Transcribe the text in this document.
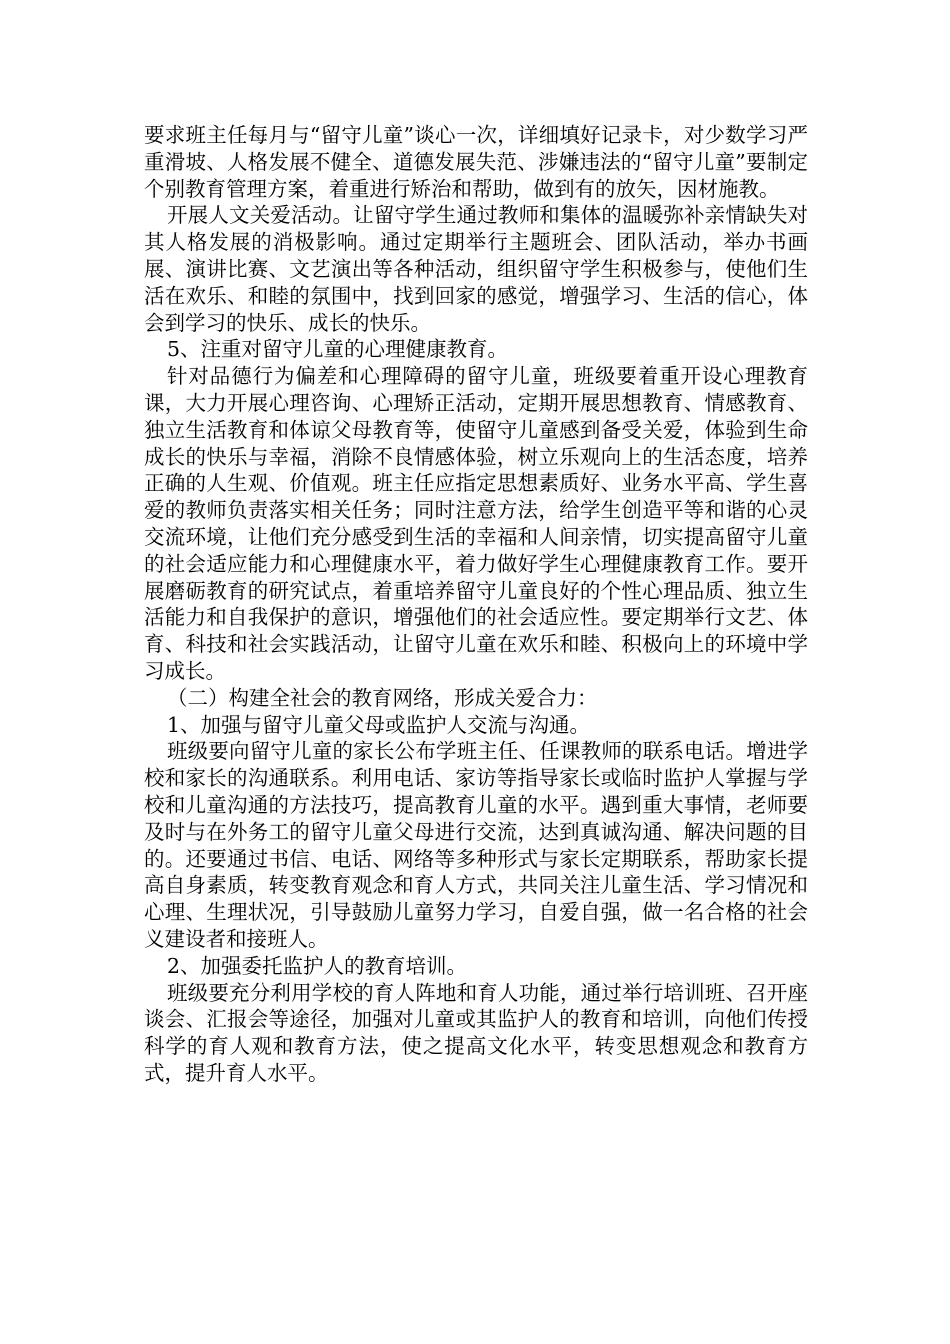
要求班主任每月与“留守儿童”谈心一次，详细填好记录卡，对少数学习严重滑坡、人格发展不健全、道德发展失范、涉嫌违法的“留守儿童”要制定个别教育管理方案，着重进行矫治和帮助，做到有的放矢，因材施教。

开展人文关爱活动。让留守学生通过教师和集体的温暖弥补亲情缺失对其人格发展的消极影响。通过定期举行主题班会、团队活动，举办书画展、演讲比赛、文艺演出等各种活动，组织留守学生积极参与，使他们生活在欢乐、和睦的氛围中，找到回家的感觉，增强学习、生活的信心，体会到学习的快乐、成长的快乐。

5、注重对留守儿童的心理健康教育。

针对品德行为偏差和心理障碍的留守儿童，班级要着重开设心理教育课，大力开展心理咨询、心理矫正活动，定期开展思想教育、情感教育、独立生活教育和体谅父母教育等，使留守儿童感到备受关爱，体验到生命成长的快乐与幸福，消除不良情感体验，树立乐观向上的生活态度，培养正确的人生观、价值观。班主任应指定思想素质好、业务水平高、学生喜爱的教师负责落实相关任务；同时注意方法，给学生创造平等和谐的心灵交流环境，让他们充分感受到生活的幸福和人间亲情，切实提高留守儿童的社会适应能力和心理健康水平，着力做好学生心理健康教育工作。要开展磨砺教育的研究试点，着重培养留守儿童良好的个性心理品质、独立生活能力和自我保护的意识，增强他们的社会适应性。要定期举行文艺、体育、科技和社会实践活动，让留守儿童在欢乐和睦、积极向上的环境中学习成长。

（二）构建全社会的教育网络，形成关爱合力：

1、加强与留守儿童父母或监护人交流与沟通。

班级要向留守儿童的家长公布学班主任、任课教师的联系电话。增进学校和家长的沟通联系。利用电话、家访等指导家长或临时监护人掌握与学校和儿童沟通的方法技巧，提高教育儿童的水平。遇到重大事情，老师要及时与在外务工的留守儿童父母进行交流，达到真诚沟通、解决问题的目的。还要通过书信、电话、网络等多种形式与家长定期联系，帮助家长提高自身素质，转变教育观念和育人方式，共同关注儿童生活、学习情况和心理、生理状况，引导鼓励儿童努力学习，自爱自强，做一名合格的社会义建设者和接班人。

2、加强委托监护人的教育培训。

班级要充分利用学校的育人阵地和育人功能，通过举行培训班、召开座谈会、汇报会等途径，加强对儿童或其监护人的教育和培训，向他们传授科学的育人观和教育方法，使之提高文化水平，转变思想观念和教育方式，提升育人水平。
